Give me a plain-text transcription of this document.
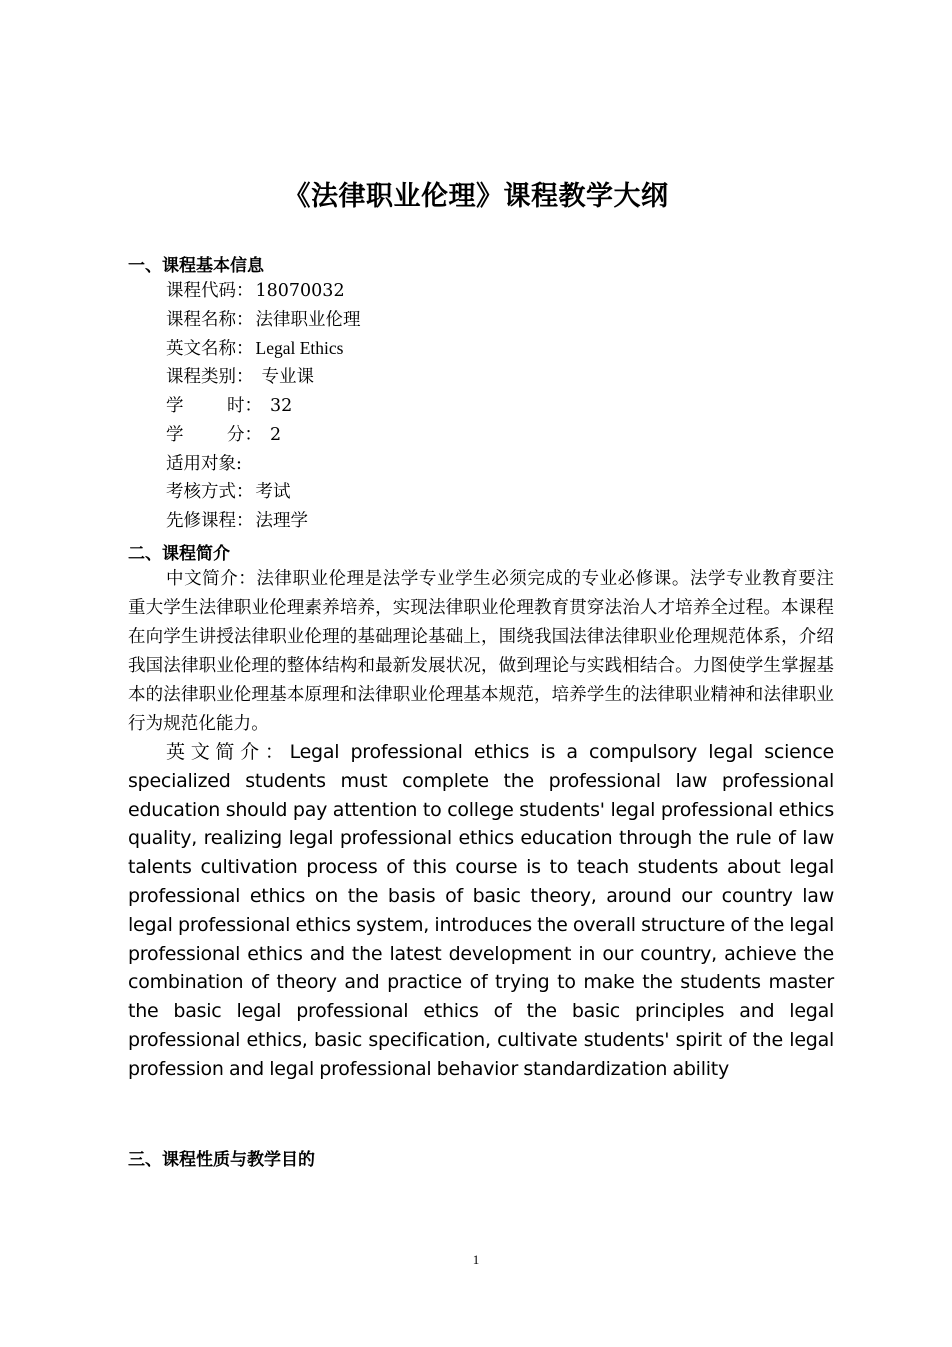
《法律职业伦理》课程教学大纲
一、课程基本信息
课程代码： 18070032
课程名称： 法律职业伦理
英文名称： Legal Ethics
课程类别：专业课
学 时： 32
学 分： 2
适用对象:
考核方式： 考试
先修课程： 法理学
二、课程简介
中文简介：法律职业伦理是法学专业学生必须完成的专业必修课。法学专业教育要注重大学生法律职业伦理素养培养，实现法律职业伦理教育贯穿法治人才培养全过程。本课程在向学生讲授法律职业伦理的基础理论基础上，围绕我国法律法律职业伦理规范体系，介绍我国法律职业伦理的整体结构和最新发展状况，做到理论与实践相结合。力图使学生掌握基本的法律职业伦理基本原理和法律职业伦理基本规范，培养学生的法律职业精神和法律职业行为规范化能力。
英文简介：Legal professional ethics is a compulsory legal science specialized students must complete the professional law professional education should pay attention to college students' legal professional ethics quality, realizing legal professional ethics education through the rule of law talents cultivation process of this course is to teach students about legal professional ethics on the basis of basic theory, around our country law legal professional ethics system, introduces the overall structure of the legal professional ethics and the latest development in our country, achieve the combination of theory and practice of trying to make the students master the basic legal professional ethics of the basic principles and legal professional ethics, basic specification, cultivate students' spirit of the legal profession and legal professional behavior standardization ability
三、课程性质与教学目的
1
